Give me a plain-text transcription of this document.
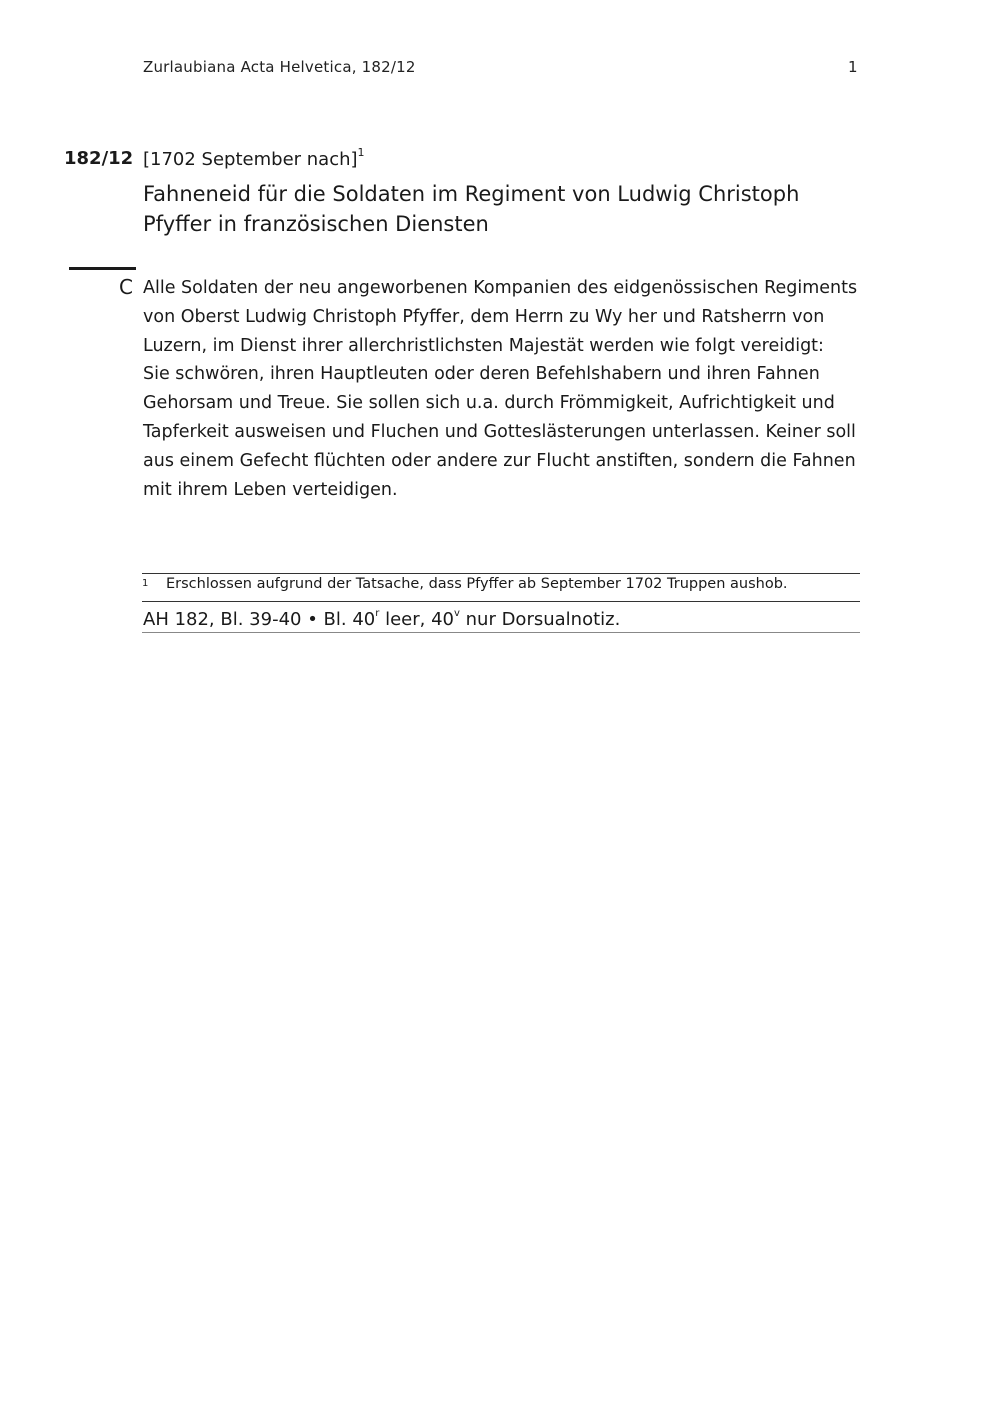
Zurlaubiana Acta Helvetica, 182/12	1
182/12 [1702 September nach]$^1$
Fahneneid für die Soldaten im Regiment von Ludwig Christoph Pfyffer in französischen Diensten
C Alle Soldaten der neu angeworbenen Kompanien des eidgenössischen Regiments von Oberst Ludwig Christoph Pfyffer, dem Herrn zu Wy her und Ratsherrn von Luzern, im Dienst ihrer allerchristlichsten Majestät werden wie folgt vereidigt:

Sie schwören, ihren Hauptleuten oder deren Befehlshabern und ihren Fahnen Gehorsam und Treue. Sie sollen sich u.a. durch Frömmigkeit, Aufrichtigkeit und Tapferkeit ausweisen und Fluchen und Gotteslästerungen unterlassen. Keiner soll aus einem Gefecht flüchten oder andere zur Flucht anstiften, sondern die Fahnen mit ihrem Leben verteidigen.

1 Erschlossen aufgrund der Tatsache, dass Pfyffer ab September 1702 Truppen aushob.
AH 182, Bl. 39-40 • Bl. 40$^r$ leer, 40$^v$ nur Dorsualnotiz.
